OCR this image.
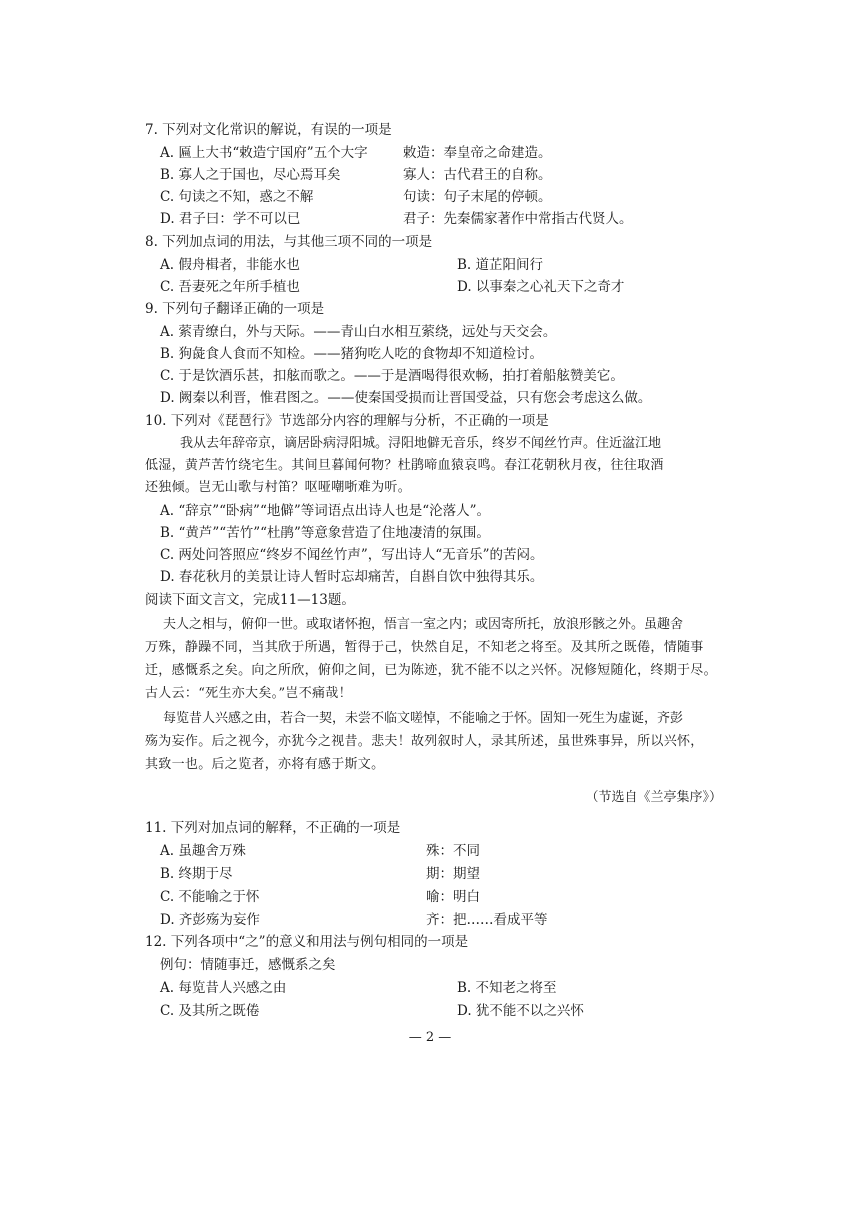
7. 下列对文化常识的解说，有误的一项是
A. 匾上大书“敕造宁国府”五个大字	敕造：奉皇帝之命建造。
B. 寡人之于国也，尽心焉耳矣	寡人：古代君王的自称。
C. 句读之不知，惑之不解	句读：句子末尾的停顿。
D. 君子曰：学不可以已	君子：先秦儒家著作中常指古代贤人。
8. 下列加点词的用法，与其他三项不同的一项是
A. 假舟楫者，非能水也	B. 道芷阳间行
C. 吾妻死之年所手植也	D. 以事秦之心礼天下之奇才
9. 下列句子翻译正确的一项是
A. 萦青缭白，外与天际。——青山白水相互萦绕，远处与天交会。
B. 狗彘食人食而不知检。——猪狗吃人吃的食物却不知道检讨。
C. 于是饮酒乐甚，扣舷而歌之。——于是酒喝得很欢畅，拍打着船舷赞美它。
D. 阙秦以利晋，惟君图之。——使秦国受损而让晋国受益，只有您会考虑这么做。
10. 下列对《琵琶行》节选部分内容的理解与分析，不正确的一项是
我从去年辞帝京，谪居卧病浔阳城。浔阳地僻无音乐，终岁不闻丝竹声。住近湓江地
低湿，黄芦苦竹绕宅生。其间旦暮闻何物？杜鹃啼血猿哀鸣。春江花朝秋月夜，往往取酒
还独倾。岂无山歌与村笛？呕哑嘲哳难为听。
A. “辞京”“卧病”“地僻”等词语点出诗人也是“沦落人”。
B. “黄芦”“苦竹”“杜鹃”等意象营造了住地凄清的氛围。
C. 两处问答照应“终岁不闻丝竹声”，写出诗人“无音乐”的苦闷。
D. 春花秋月的美景让诗人暂时忘却痛苦，自斟自饮中独得其乐。
阅读下面文言文，完成11—13题。
夫人之相与，俯仰一世。或取诸怀抱，悟言一室之内；或因寄所托，放浪形骸之外。虽趣舍
万殊，静躁不同，当其欣于所遇，暂得于己，快然自足，不知老之将至。及其所之既倦，情随事
迁，感慨系之矣。向之所欣，俯仰之间，已为陈迹，犹不能不以之兴怀。况修短随化，终期于尽。
古人云：“死生亦大矣。”岂不痛哉！
每览昔人兴感之由，若合一契，未尝不临文嗟悼，不能喻之于怀。固知一死生为虚诞，齐彭
殇为妄作。后之视今，亦犹今之视昔。悲夫！故列叙时人，录其所述，虽世殊事异，所以兴怀，
其致一也。后之览者，亦将有感于斯文。
（节选自《兰亭集序》）
11. 下列对加点词的解释，不正确的一项是
A. 虽趣舍万殊	殊：不同
B. 终期于尽	期：期望
C. 不能喻之于怀	喻：明白
D. 齐彭殇为妄作	齐：把……看成平等
12. 下列各项中“之”的意义和用法与例句相同的一项是
例句：情随事迁，感慨系之矣
A. 每览昔人兴感之由	B. 不知老之将至
C. 及其所之既倦	D. 犹不能不以之兴怀
— 2 —
